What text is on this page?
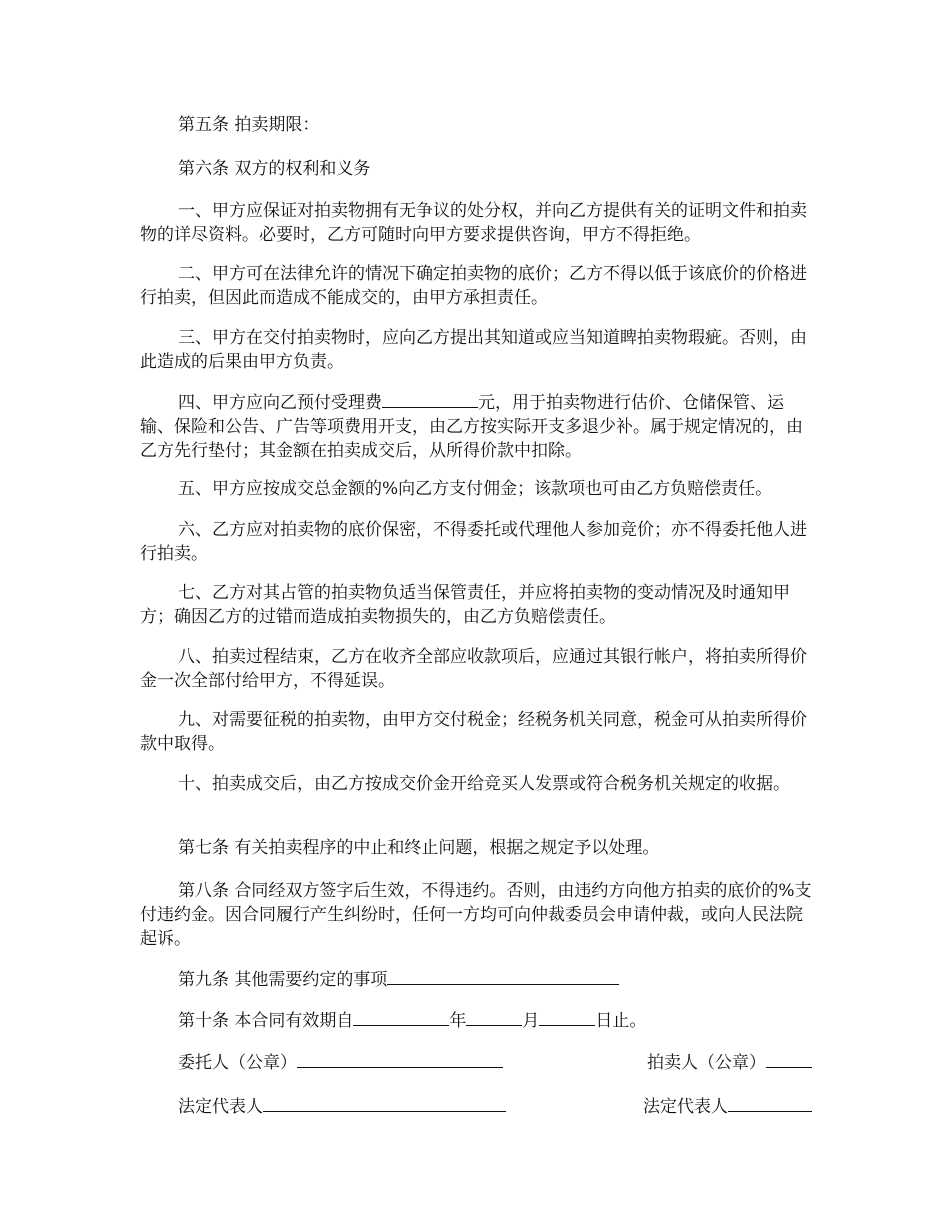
第五条 拍卖期限：

第六条 双方的权利和义务

一、甲方应保证对拍卖物拥有无争议的处分权，并向乙方提供有关的证明文件和拍卖物的详尽资料。必要时，乙方可随时向甲方要求提供咨询，甲方不得拒绝。

二、甲方可在法律允许的情况下确定拍卖物的底价；乙方不得以低于该底价的价格进行拍卖，但因此而造成不能成交的，由甲方承担责任。

三、甲方在交付拍卖物时，应向乙方提出其知道或应当知道睥拍卖物瑕疵。否则，由此造成的后果由甲方负责。

四、甲方应向乙预付受理费	元，用于拍卖物进行估价、仓储保管、运输、保险和公告、广告等项费用开支，由乙方按实际开支多退少补。属于规定情况的，由乙方先行垫付；其金额在拍卖成交后，从所得价款中扣除。

五、甲方应按成交总金额的%向乙方支付佣金；该款项也可由乙方负赔偿责任。

六、乙方应对拍卖物的底价保密，不得委托或代理他人参加竞价；亦不得委托他人进行拍卖。

七、乙方对其占管的拍卖物负适当保管责任，并应将拍卖物的变动情况及时通知甲方；确因乙方的过错而造成拍卖物损失的，由乙方负赔偿责任。

八、拍卖过程结束，乙方在收齐全部应收款项后，应通过其银行帐户，将拍卖所得价金一次全部付给甲方，不得延误。

九、对需要征税的拍卖物，由甲方交付税金；经税务机关同意，税金可从拍卖所得价款中取得。

十、拍卖成交后，由乙方按成交价金开给竞买人发票或符合税务机关规定的收据。

第七条 有关拍卖程序的中止和终止问题，根据之规定予以处理。

第八条 合同经双方签字后生效，不得违约。否则，由违约方向他方拍卖的底价的%支付违约金。因合同履行产生纠纷时，任何一方均可向仲裁委员会申请仲裁，或向人民法院起诉。

第九条 其他需要约定的事项

第十条 本合同有效期自	年	月	日止。

委托人（公章）	拍卖人（公章）
法定代表人	法定代表人
